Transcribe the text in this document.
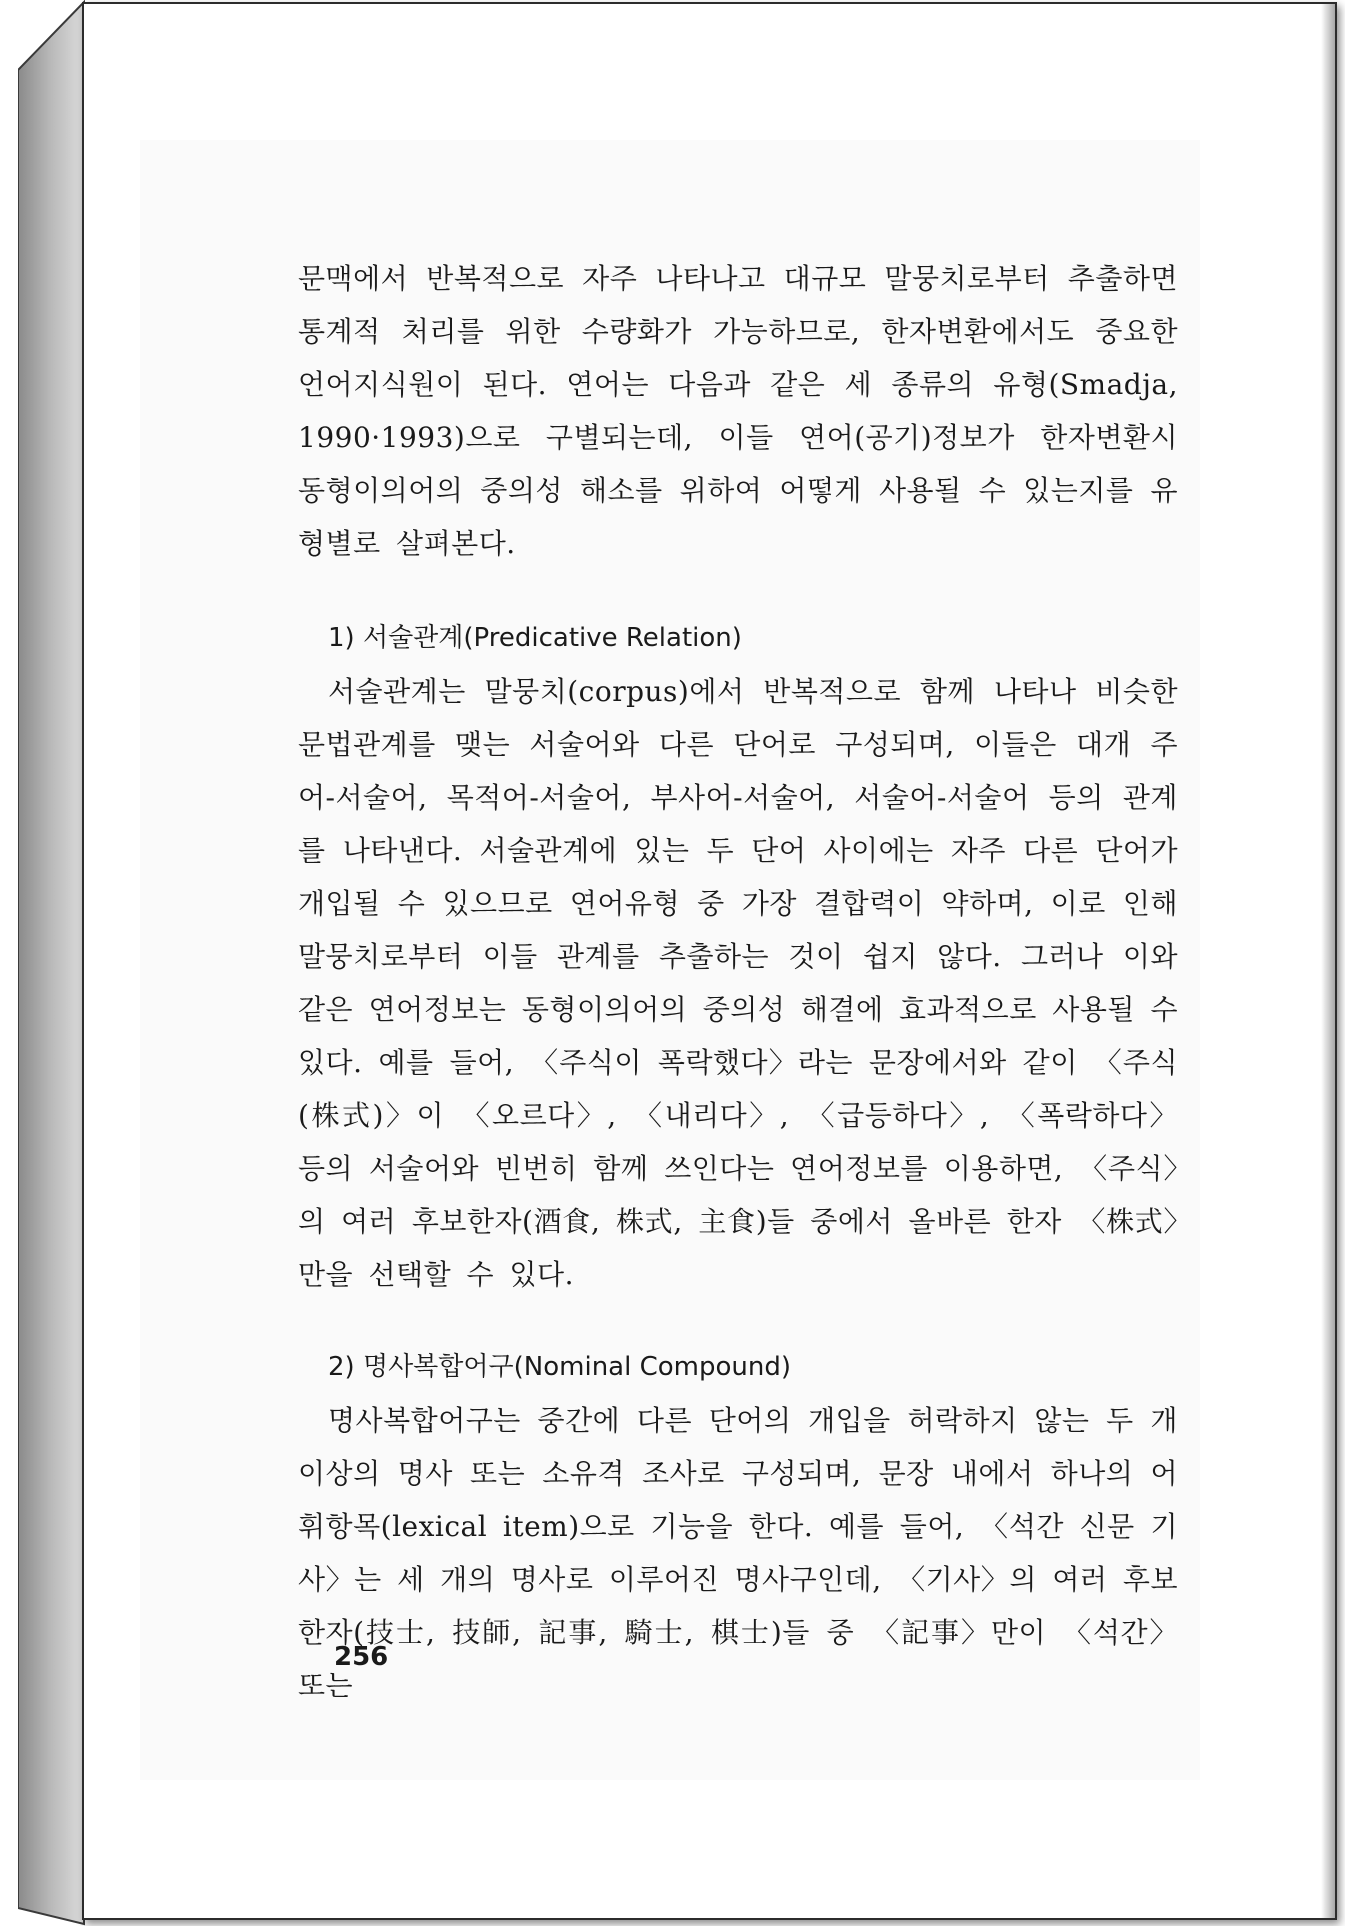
문맥에서 반복적으로 자주 나타나고 대규모 말뭉치로부터 추출하면 통계적 처리를 위한 수량화가 가능하므로, 한자변환에서도 중요한 언어지식원이 된다. 연어는 다음과 같은 세 종류의 유형(Smadja, 1990·1993)으로 구별되는데, 이들 연어(공기)정보가 한자변환시 동형이의어의 중의성 해소를 위하여 어떻게 사용될 수 있는지를 유형별로 살펴본다.

1) 서술관계(Predicative Relation)

서술관계는 말뭉치(corpus)에서 반복적으로 함께 나타나 비슷한 문법관계를 맺는 서술어와 다른 단어로 구성되며, 이들은 대개 주어-서술어, 목적어-서술어, 부사어-서술어, 서술어-서술어 등의 관계를 나타낸다. 서술관계에 있는 두 단어 사이에는 자주 다른 단어가 개입될 수 있으므로 연어유형 중 가장 결합력이 약하며, 이로 인해 말뭉치로부터 이들 관계를 추출하는 것이 쉽지 않다. 그러나 이와 같은 연어정보는 동형이의어의 중의성 해결에 효과적으로 사용될 수 있다. 예를 들어, 〈주식이 폭락했다〉라는 문장에서와 같이 〈주식(株式)〉이 〈오르다〉, 〈내리다〉, 〈급등하다〉, 〈폭락하다〉 등의 서술어와 빈번히 함께 쓰인다는 연어정보를 이용하면, 〈주식〉의 여러 후보한자(酒食, 株式, 主食)들 중에서 올바른 한자 〈株式〉만을 선택할 수 있다.

2) 명사복합어구(Nominal Compound)

명사복합어구는 중간에 다른 단어의 개입을 허락하지 않는 두 개 이상의 명사 또는 소유격 조사로 구성되며, 문장 내에서 하나의 어휘항목(lexical item)으로 기능을 한다. 예를 들어, 〈석간 신문 기사〉는 세 개의 명사로 이루어진 명사구인데, 〈기사〉의 여러 후보한자(技士, 技師, 記事, 騎士, 棋士)들 중 〈記事〉만이 〈석간〉 또는

256
